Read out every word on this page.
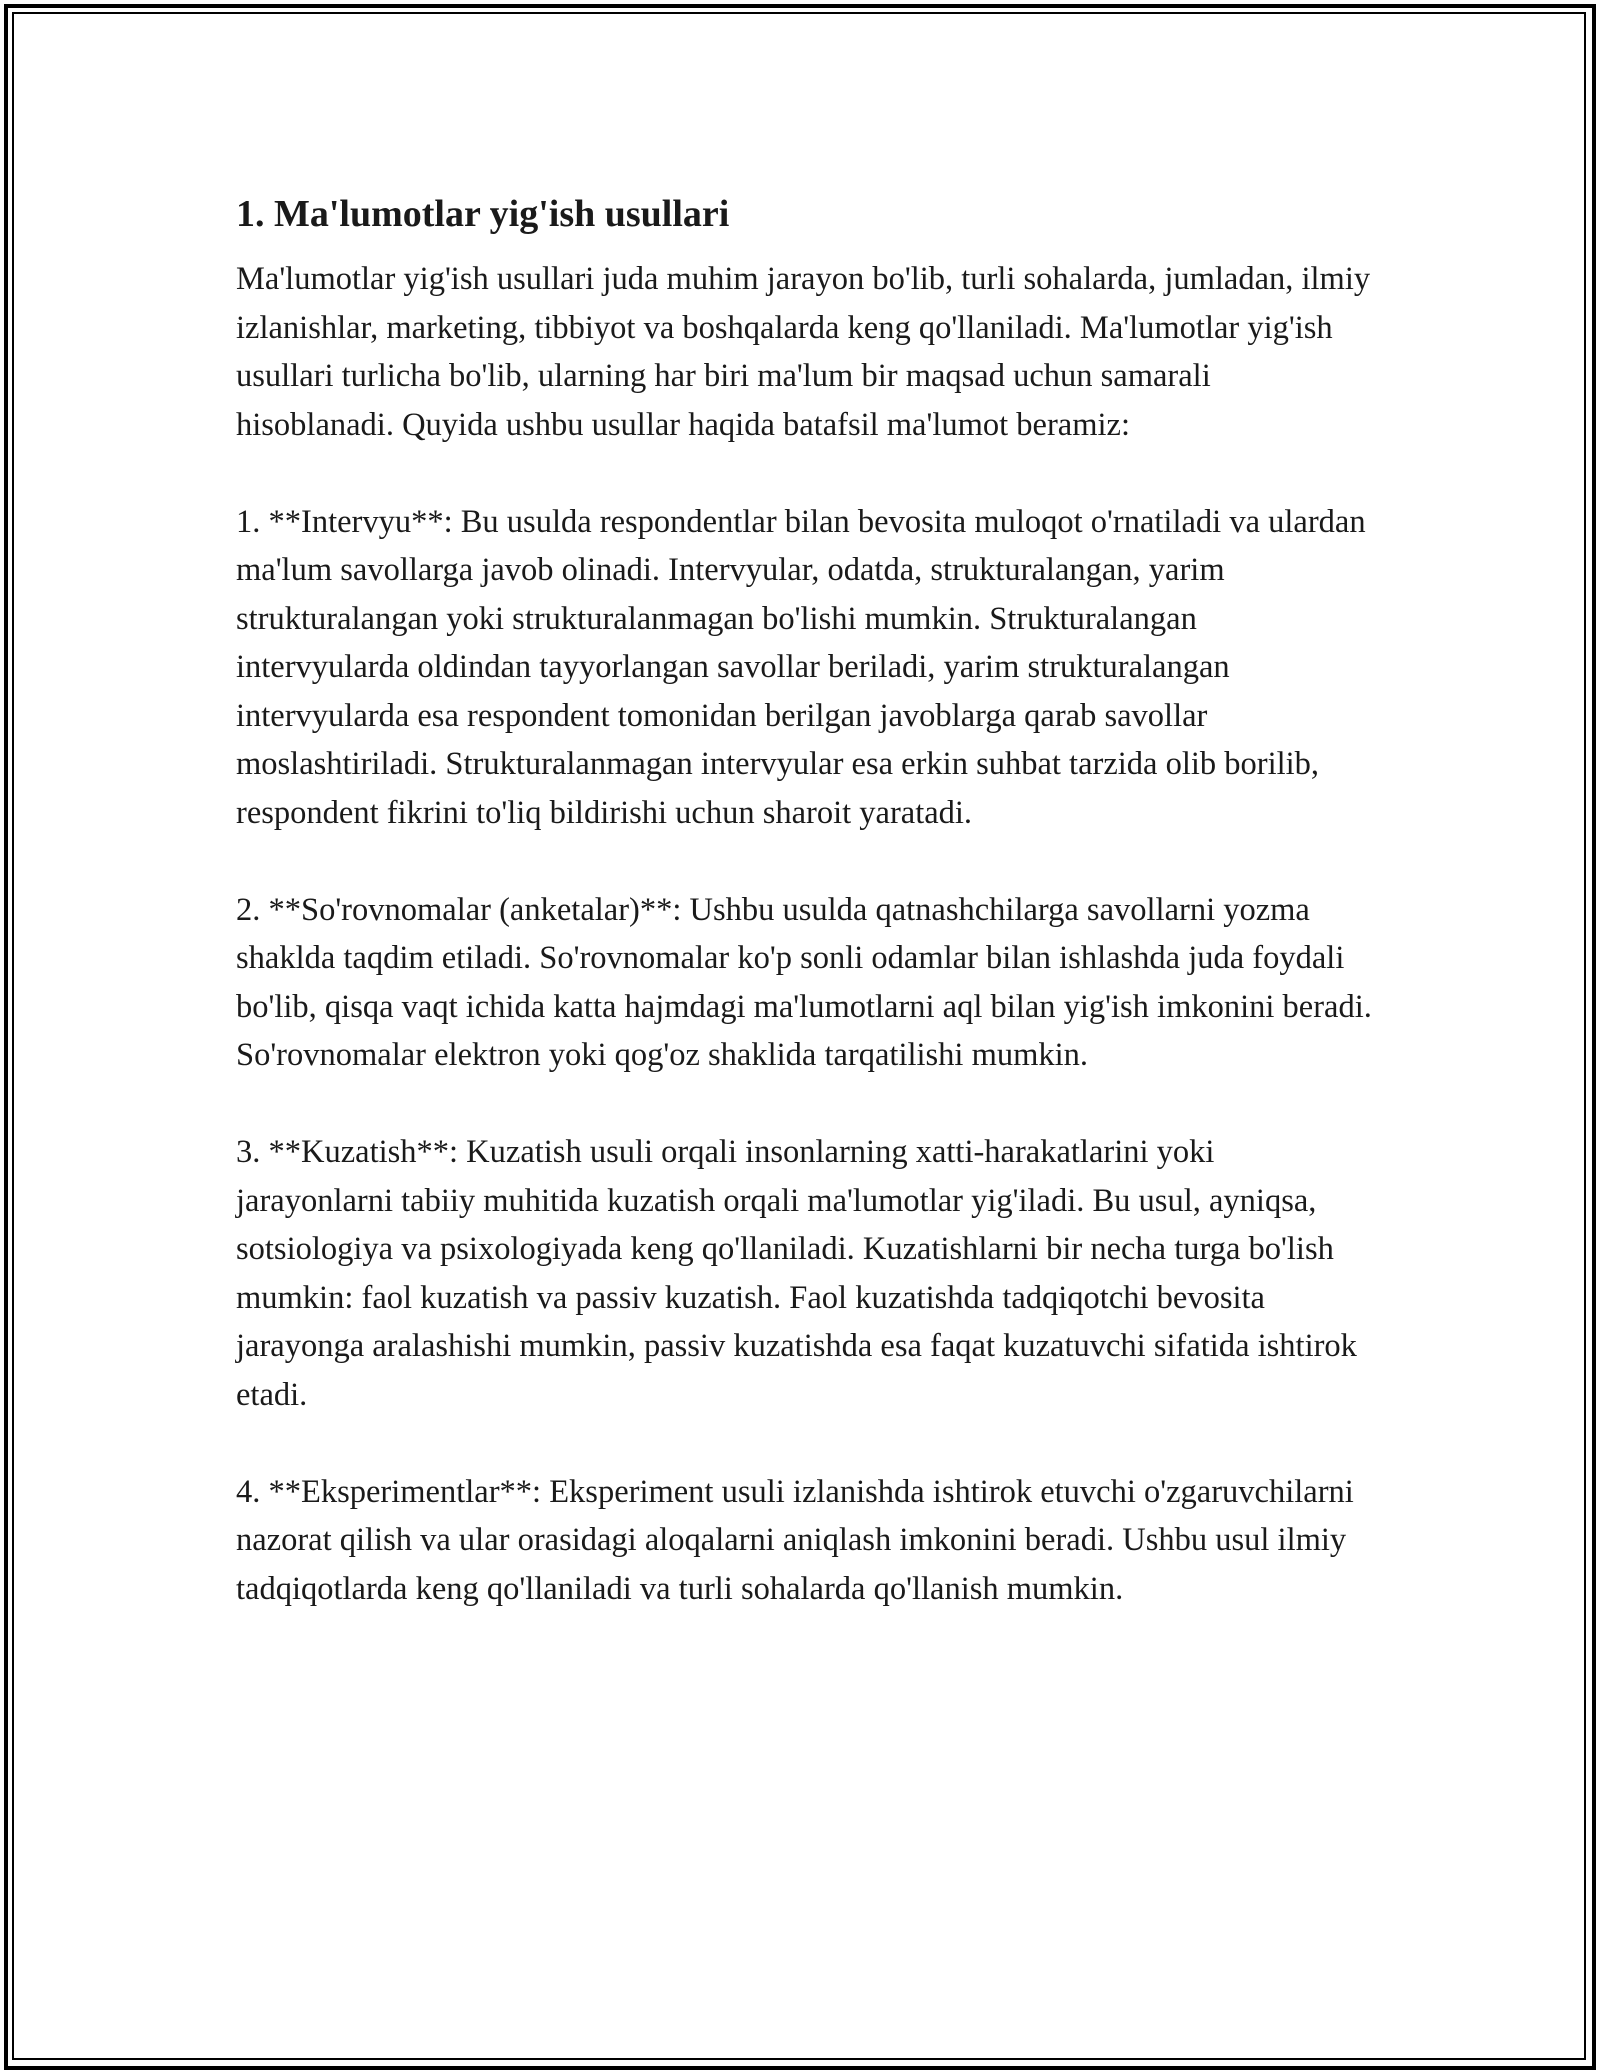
1. Ma'lumotlar yig'ish usullari

Ma'lumotlar yig'ish usullari juda muhim jarayon bo'lib, turli sohalarda, jumladan, ilmiy izlanishlar, marketing, tibbiyot va boshqalarda keng qo'llaniladi. Ma'lumotlar yig'ish usullari turlicha bo'lib, ularning har biri ma'lum bir maqsad uchun samarali hisoblanadi. Quyida ushbu usullar haqida batafsil ma'lumot beramiz:

1. **Intervyu**: Bu usulda respondentlar bilan bevosita muloqot o'rnatiladi va ulardan ma'lum savollarga javob olinadi. Intervyular, odatda, strukturalangan, yarim strukturalangan yoki strukturalanmagan bo'lishi mumkin. Strukturalangan intervyularda oldindan tayyorlangan savollar beriladi, yarim strukturalangan intervyularda esa respondent tomonidan berilgan javoblarga qarab savollar moslashtiriladi. Strukturalanmagan intervyular esa erkin suhbat tarzida olib borilib, respondent fikrini to'liq bildirishi uchun sharoit yaratadi.

2. **So'rovnomalar (anketalar)**: Ushbu usulda qatnashchilarga savollarni yozma shaklda taqdim etiladi. So'rovnomalar ko'p sonli odamlar bilan ishlashda juda foydali bo'lib, qisqa vaqt ichida katta hajmdagi ma'lumotlarni aql bilan yig'ish imkonini beradi. So'rovnomalar elektron yoki qog'oz shaklida tarqatilishi mumkin.

3. **Kuzatish**: Kuzatish usuli orqali insonlarning xatti-harakatlarini yoki jarayonlarni tabiiy muhitida kuzatish orqali ma'lumotlar yig'iladi. Bu usul, ayniqsa, sotsiologiya va psixologiyada keng qo'llaniladi. Kuzatishlarni bir necha turga bo'lish mumkin: faol kuzatish va passiv kuzatish. Faol kuzatishda tadqiqotchi bevosita jarayonga aralashishi mumkin, passiv kuzatishda esa faqat kuzatuvchi sifatida ishtirok etadi.

4. **Eksperimentlar**: Eksperiment usuli izlanishda ishtirok etuvchi o'zgaruvchilarni nazorat qilish va ular orasidagi aloqalarni aniqlash imkonini beradi. Ushbu usul ilmiy tadqiqotlarda keng qo'llaniladi va turli sohalarda qo'llanish mumkin.
